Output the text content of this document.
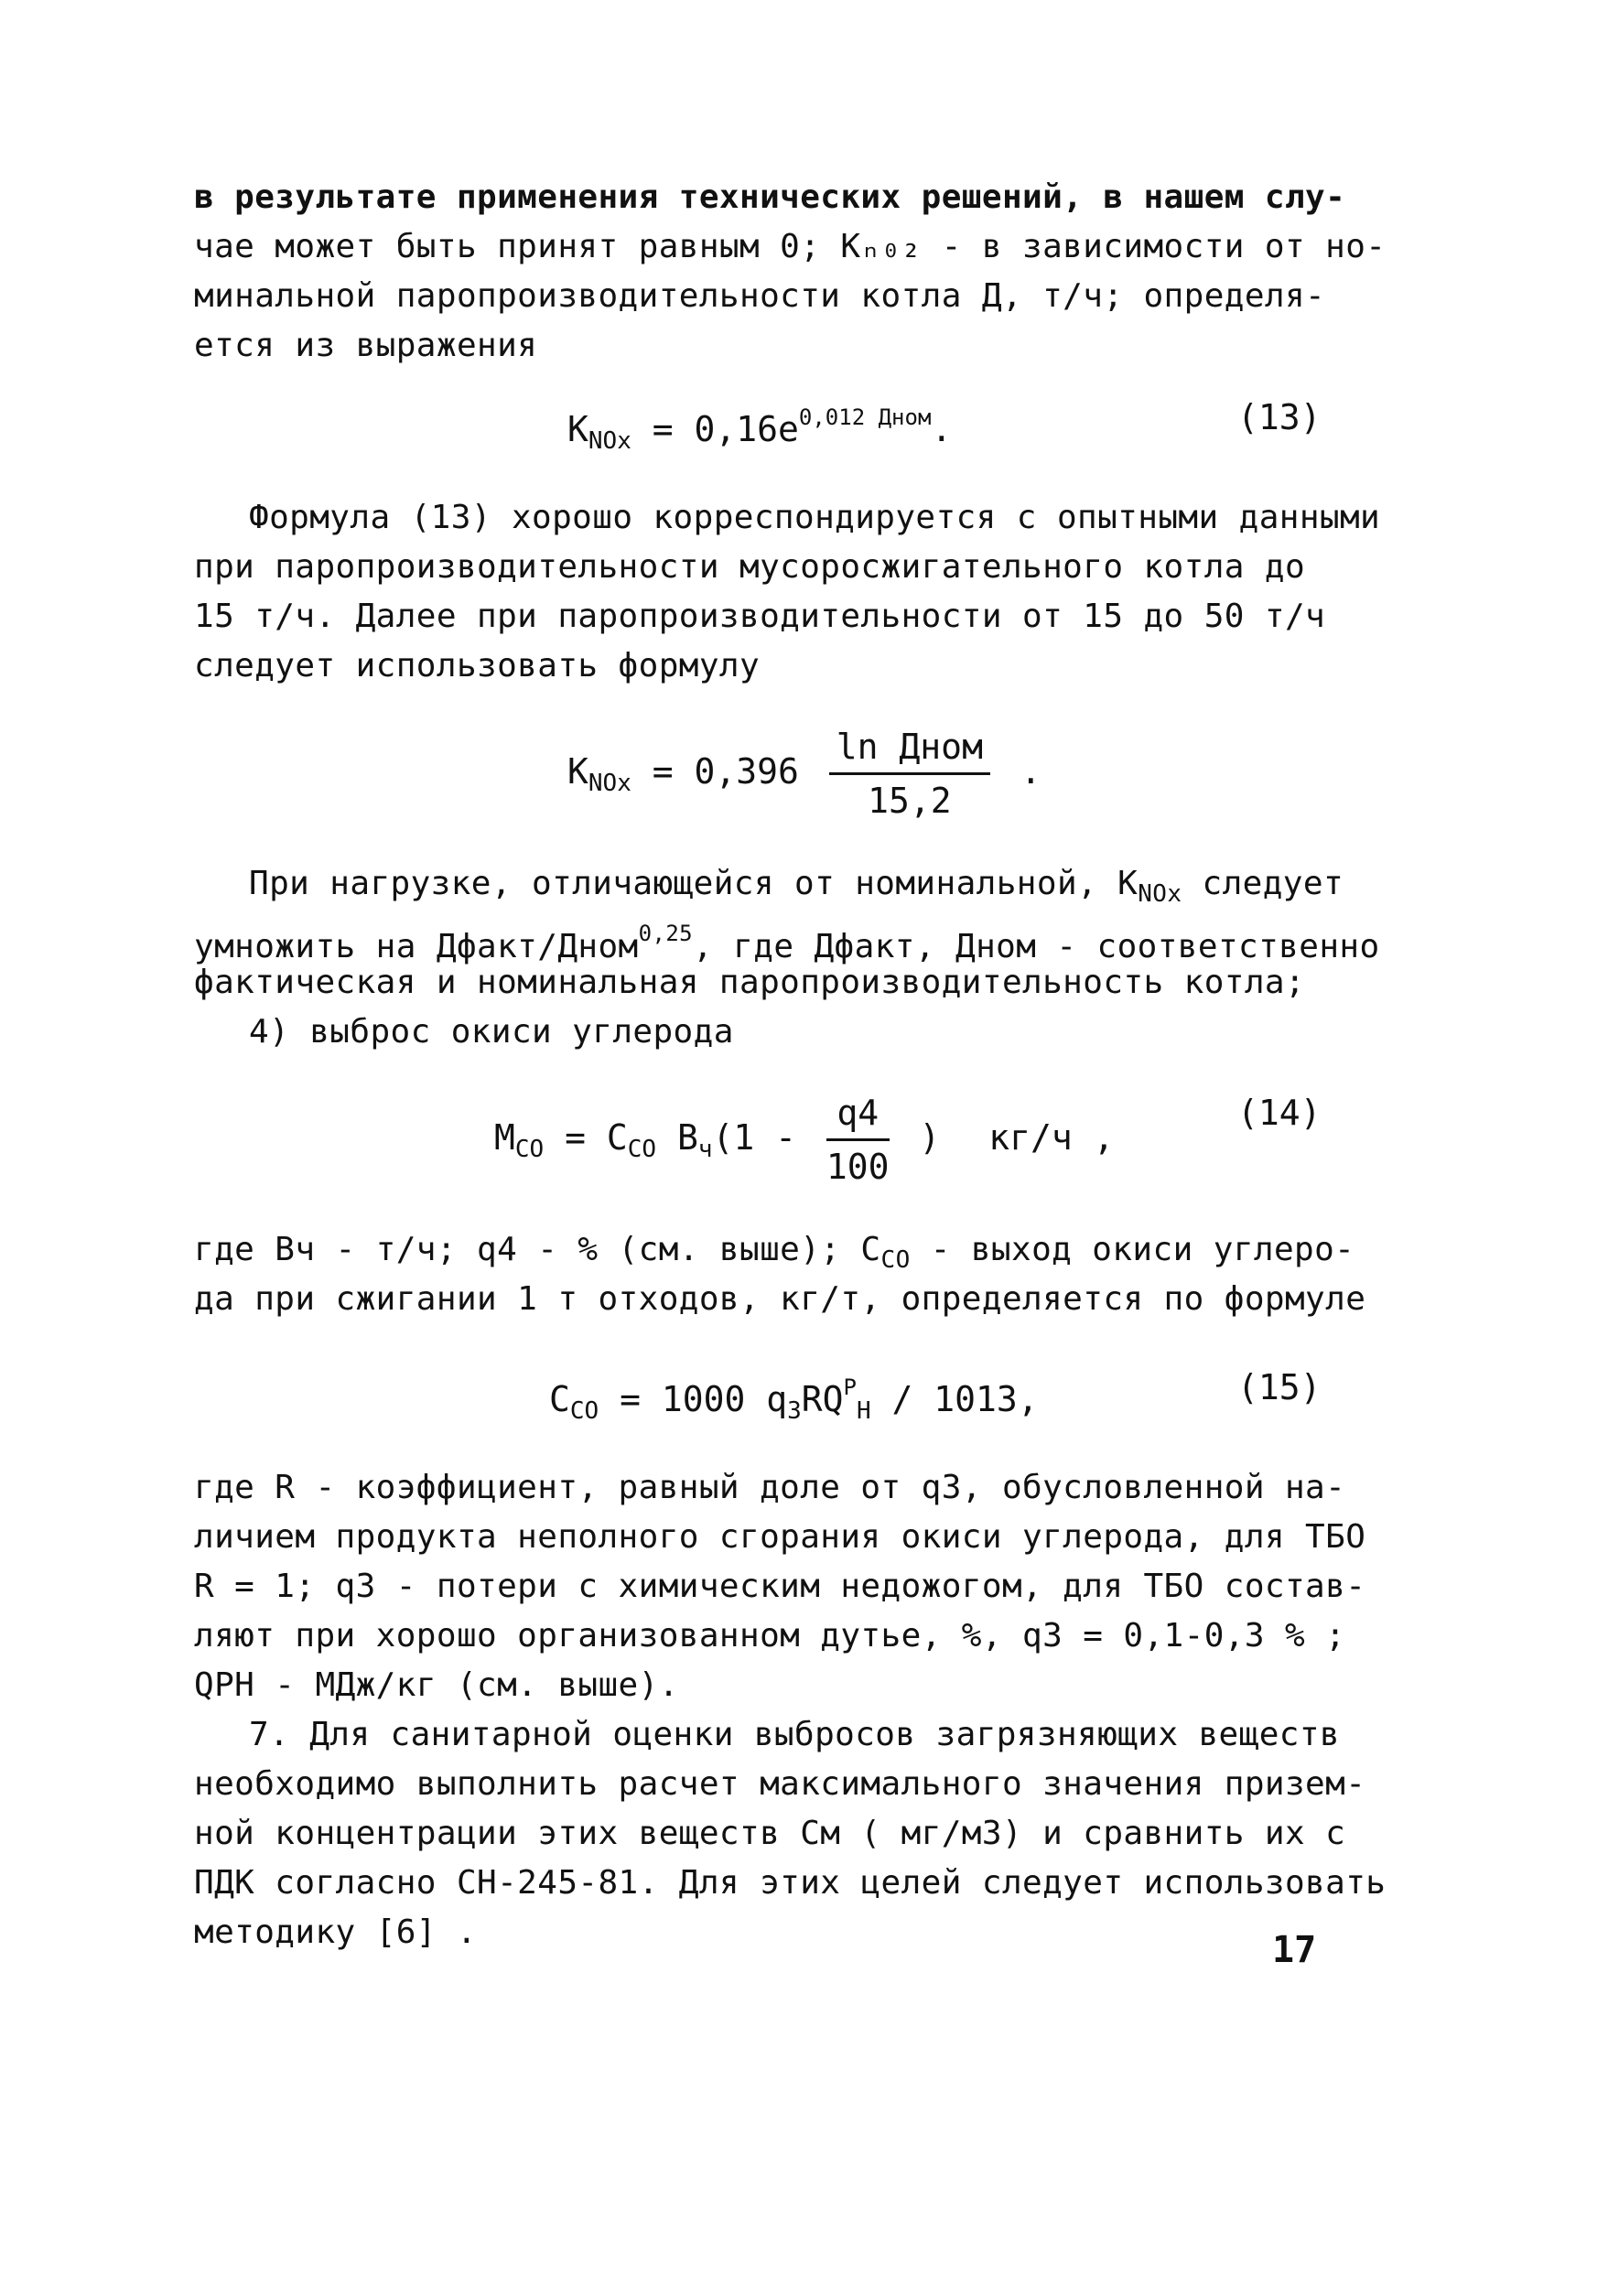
в результате применения технических решений, в нашем слу-
чае может быть принят равным 0; Kₙ₀₂ - в зависимости от но-
минальной паропроизводительности котла Д, т/ч; определя-
ется из выражения
$K_{NOx} = 0,16e^{0,012 Дном}$.	(13)
Формула (13) хорошо корреспондируется с опытными данными
при паропроизводительности мусоросжигательного котла до
15 т/ч. Далее при паропроизводительности от 15 до 50 т/ч
следует использовать формулу
$K_{NOx} = 0,396 \frac{\text{ln Дном}}{15,2}$ .
При нагрузке, отличающейся от номинальной, $K_{NOx}$ следует
умножить на Дфакт/Дном$^{0,25}$, где Дфакт, Дном - соответственно
фактическая и номинальная паропроизводительность котла;
4) выброс окиси углерода
$M_{CO} = C_{CO}$ $B_ч(1 - \frac{q4}{100}$ ) кг/ч ,
(14)
где Bч - т/ч; q4 - % (см. выше); $C_{CO}$ - выход окиси углеро-
да при сжигании 1 т отходов, кг/т, определяется по формуле
$C_{CO} = 1000$ $q_3RQ^P_H / 1013$,	(15)
где R - коэффициент, равный доле от q3, обусловленной на-
личием продукта неполного сгорания окиси углерода, для ТБО
R = 1; q3 - потери с химическим недожогом, для ТБО состав-
ляют при хорошо организованном дутье, %, q3 = 0,1-0,3 % ;
QPH - МДж/кг (см. выше).
7. Для санитарной оценки выбросов загрязняющих веществ
необходимо выполнить расчет максимального значения призем-
ной концентрации этих веществ См ( мг/м3) и сравнить их с
ПДК согласно СН-245-81. Для этих целей следует использовать
методику [6] .	17
